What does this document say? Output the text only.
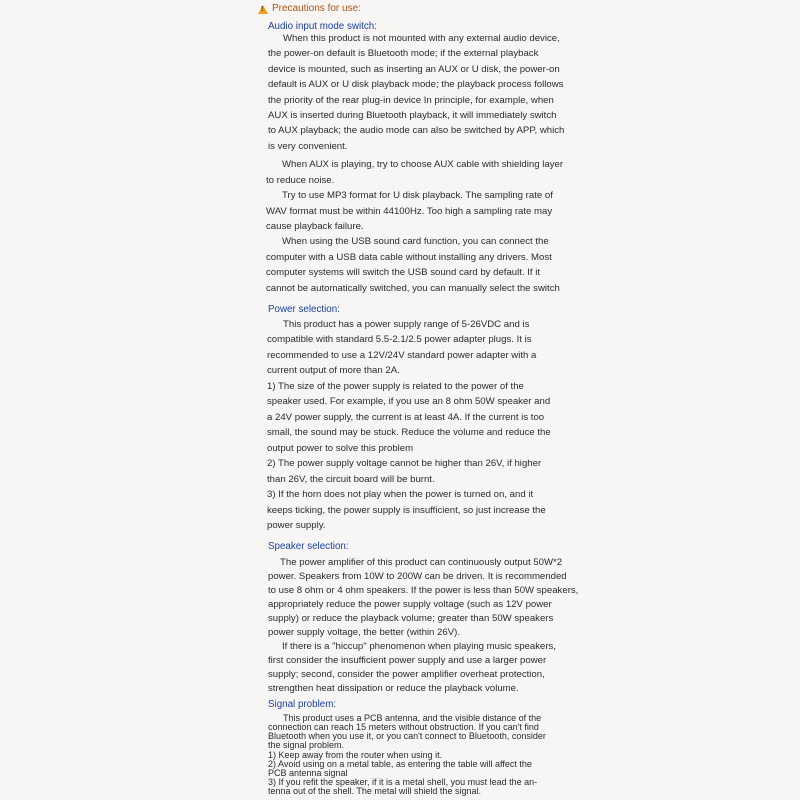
!
Precautions for use:
Audio input mode switch:
When this product is not mounted with any external audio device,
the power-on default is Bluetooth mode; if the external playback
device is mounted, such as inserting an AUX or U disk, the power-on
default is AUX or U disk playback mode; the playback process follows
the priority of the rear plug-in device In principle, for example, when
AUX is inserted during Bluetooth playback, it will immediately switch
to AUX playback; the audio mode can also be switched by APP, which
is very convenient.
When AUX is playing, try to choose AUX cable with shielding layer
to reduce noise.
Try to use MP3 format for U disk playback. The sampling rate of
WAV format must be within 44100Hz. Too high a sampling rate may
cause playback failure.
When using the USB sound card function, you can connect the
computer with a USB data cable without installing any drivers. Most
computer systems will switch the USB sound card by default. If it
cannot be automatically switched, you can manually select the switch
Power selection:
This product has a power supply range of 5-26VDC and is
compatible with standard 5.5-2.1/2.5 power adapter plugs. It is
recommended to use a 12V/24V standard power adapter with a
current output of more than 2A.
1) The size of the power supply is related to the power of the
speaker used. For example, if you use an 8 ohm 50W speaker and
a 24V power supply, the current is at least 4A. If the current is too
small, the sound may be stuck. Reduce the volume and reduce the
output power to solve this problem
2) The power supply voltage cannot be higher than 26V, if higher
than 26V, the circuit board will be burnt.
3) If the horn does not play when the power is turned on, and it
keeps ticking, the power supply is insufficient, so just increase the
power supply.
Speaker selection:
The power amplifier of this product can continuously output 50W*2
power. Speakers from 10W to 200W can be driven. It is recommended
to use 8 ohm or 4 ohm speakers. If the power is less than 50W speakers,
appropriately reduce the power supply voltage (such as 12V power
supply) or reduce the playback volume; greater than 50W speakers
power supply voltage, the better (within 26V).
If there is a "hiccup" phenomenon when playing music speakers,
first consider the insufficient power supply and use a larger power
supply; second, consider the power amplifier overheat protection,
strengthen heat dissipation or reduce the playback volume.
Signal problem:
This product uses a PCB antenna, and the visible distance of the
connection can reach 15 meters without obstruction. If you can't find
Bluetooth when you use it, or you can't connect to Bluetooth, consider
the signal problem.
1) Keep away from the router when using it.
2) Avoid using on a metal table, as entering the table will affect the
PCB antenna signal
3) If you refit the speaker, if it is a metal shell, you must lead the an-
tenna out of the shell. The metal will shield the signal.
